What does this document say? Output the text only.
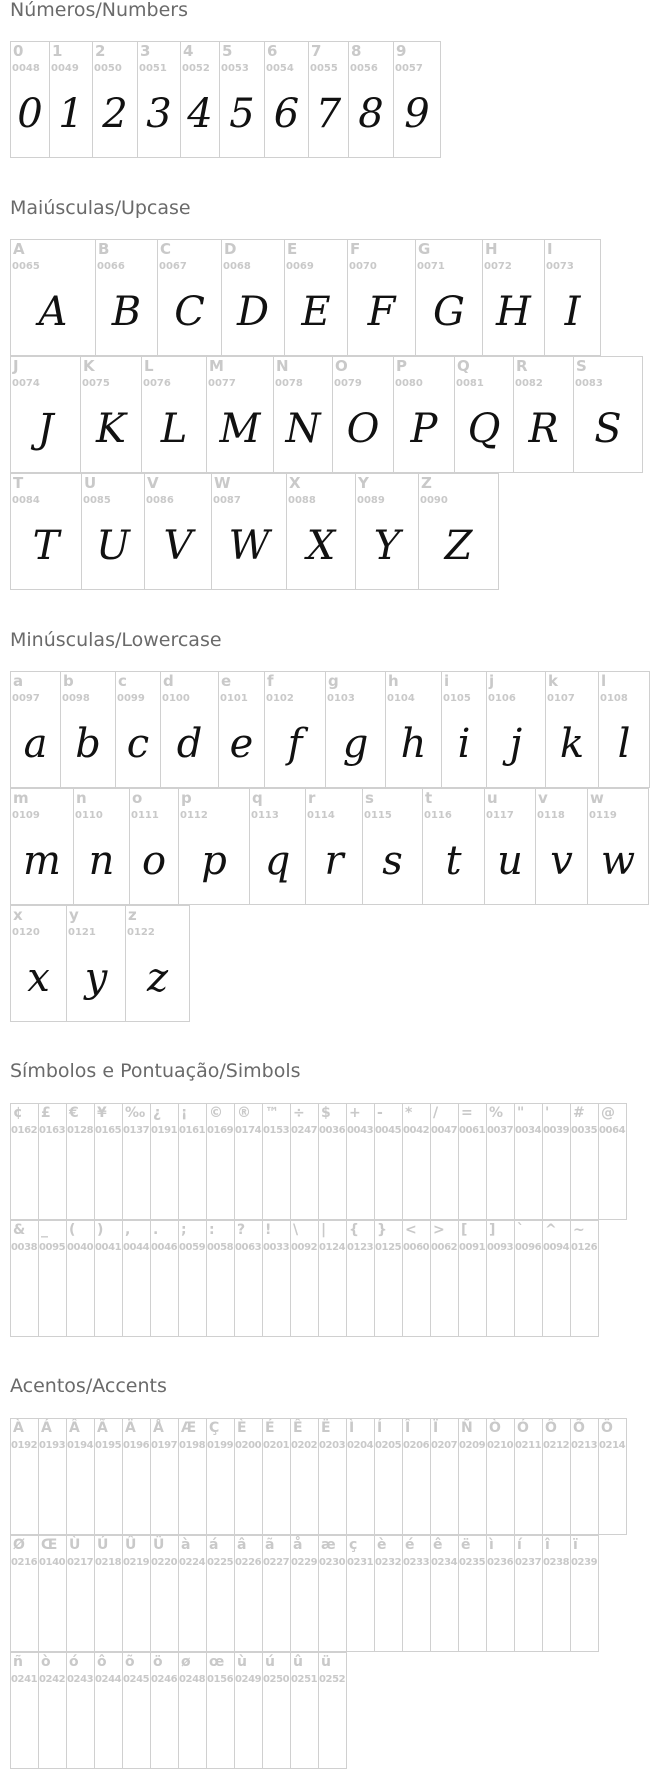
Números/Numbers
0
0048
0
1
0049
1
2
0050
2
3
0051
3
4
0052
4
5
0053
5
6
0054
6
7
0055
7
8
0056
8
9
0057
9
Maiúsculas/Upcase
A
0065
A
B
0066
B
C
0067
C
D
0068
D
E
0069
E
F
0070
F
G
0071
G
H
0072
H
I
0073
I
J
0074
J
K
0075
K
L
0076
L
M
0077
M
N
0078
N
O
0079
O
P
0080
P
Q
0081
Q
R
0082
R
S
0083
S
T
0084
T
U
0085
U
V
0086
V
W
0087
W
X
0088
X
Y
0089
Y
Z
0090
Z
Minúsculas/Lowercase
a
0097
a
b
0098
b
c
0099
c
d
0100
d
e
0101
e
f
0102
f
g
0103
g
h
0104
h
i
0105
i
j
0106
j
k
0107
k
l
0108
l
m
0109
m
n
0110
n
o
0111
o
p
0112
p
q
0113
q
r
0114
r
s
0115
s
t
0116
t
u
0117
u
v
0118
v
w
0119
w
x
0120
x
y
0121
y
z
0122
z
Símbolos e Pontuação/Simbols
¢
0162
£
0163
€
0128
¥
0165
‰
0137
¿
0191
¡
0161
©
0169
®
0174
™
0153
÷
0247
$
0036
+
0043
-
0045
*
0042
/
0047
=
0061
%
0037
"
0034
'
0039
#
0035
@
0064
&
0038
_
0095
(
0040
)
0041
,
0044
.
0046
;
0059
:
0058
?
0063
!
0033
\
0092
|
0124
{
0123
}
0125
<
0060
>
0062
[
0091
]
0093
`
0096
^
0094
~
0126
Acentos/Accents
À
0192
Á
0193
Â
0194
Ã
0195
Ä
0196
Å
0197
Æ
0198
Ç
0199
È
0200
É
0201
Ê
0202
Ë
0203
Ì
0204
Í
0205
Î
0206
Ï
0207
Ñ
0209
Ò
0210
Ó
0211
Ô
0212
Õ
0213
Ö
0214
Ø
0216
Œ
0140
Ù
0217
Ú
0218
Û
0219
Ü
0220
à
0224
á
0225
â
0226
ã
0227
å
0229
æ
0230
ç
0231
è
0232
é
0233
ê
0234
ë
0235
ì
0236
í
0237
î
0238
ï
0239
ñ
0241
ò
0242
ó
0243
ô
0244
õ
0245
ö
0246
ø
0248
œ
0156
ù
0249
ú
0250
û
0251
ü
0252
